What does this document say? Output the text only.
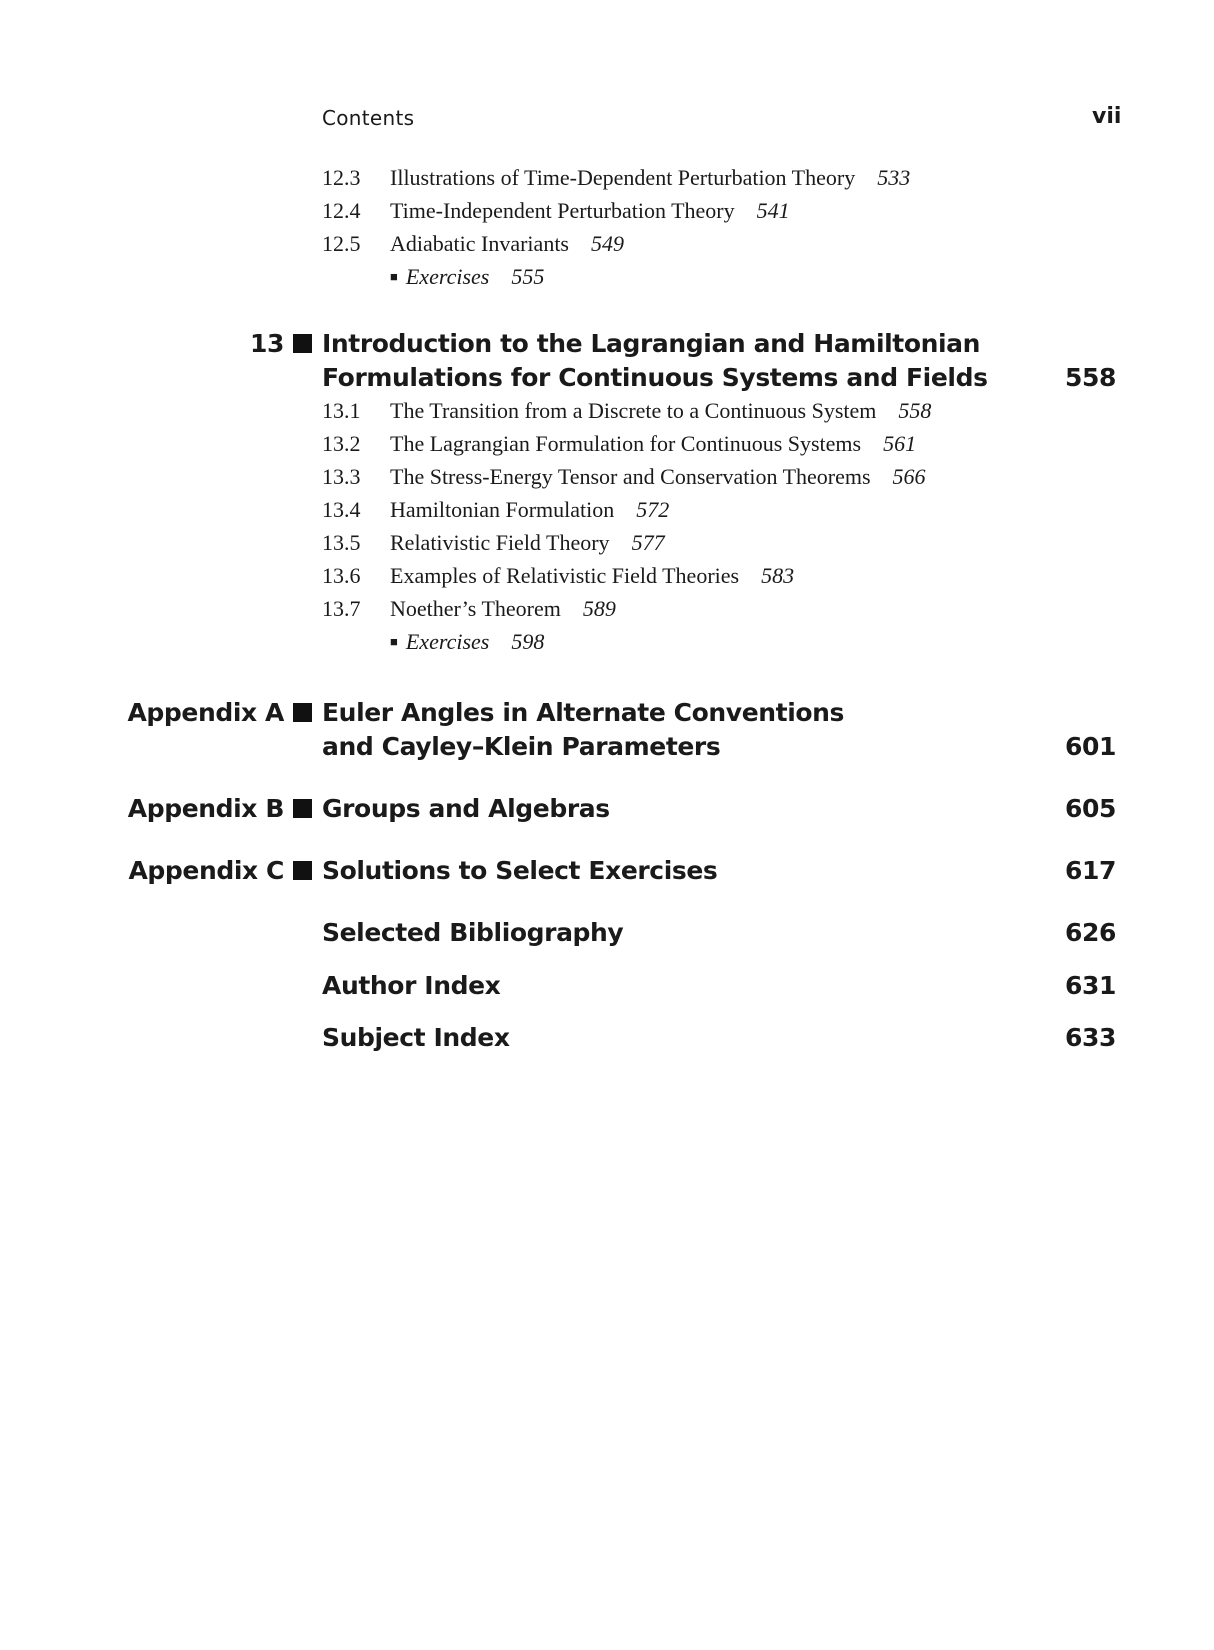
Contents	vii
12.3 Illustrations of Time-Dependent Perturbation Theory 533
12.4 Time-Independent Perturbation Theory 541
12.5 Adiabatic Invariants 549
■ Exercises 555
13	Introduction to the Lagrangian and Hamiltonian
Formulations for Continuous Systems and Fields	558
13.1 The Transition from a Discrete to a Continuous System 558
13.2 The Lagrangian Formulation for Continuous Systems 561
13.3 The Stress-Energy Tensor and Conservation Theorems 566
13.4 Hamiltonian Formulation 572
13.5 Relativistic Field Theory 577
13.6 Examples of Relativistic Field Theories 583
13.7 Noether’s Theorem 589
■ Exercises 598
Appendix A	Euler Angles in Alternate Conventions
and Cayley–Klein Parameters	601
Appendix B	Groups and Algebras	605
Appendix C	Solutions to Select Exercises	617
Selected Bibliography	626
Author Index	631
Subject Index	633
